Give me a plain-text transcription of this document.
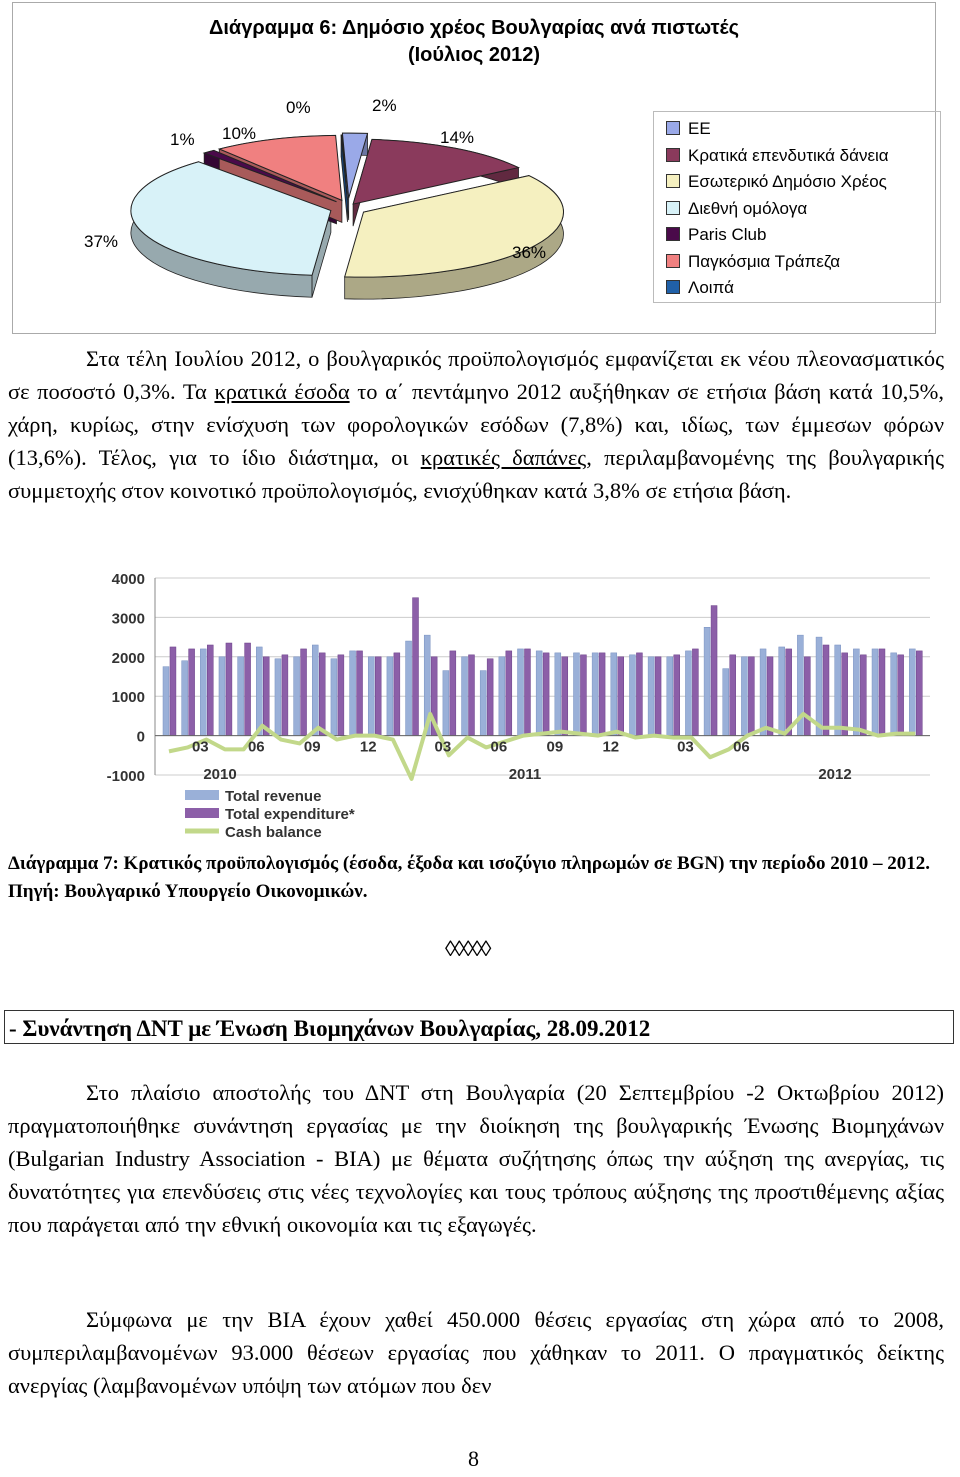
Διάγραμμα 6: Δημόσιο χρέος Βουλγαρίας ανά πιστωτές
(Ιούλιος 2012)
ΕΕ
Κρατικά επενδυτικά δάνεια
Εσωτερικό Δημόσιο Χρέος
Διεθνή ομόλογα
Paris Club
Παγκόσμια Τράπεζα
Λοιπά
2%
14%
36%
37%
1% 10%
0%
Στα τέλη Ιουλίου 2012, ο βουλγαρικός προϋπολογισμός εμφανίζεται εκ νέου πλεονασματικός σε ποσοστό 0,3%. Τα κρατικά έσοδα το α΄ πεντάμηνο 2012 αυξήθηκαν σε ετήσια βάση κατά 10,5%, χάρη, κυρίως, στην ενίσχυση των φορολογικών εσόδων (7,8%) και, ιδίως, των έμμεσων φόρων (13,6%). Τέλος, για το ίδιο διάστημα, οι κρατικές δαπάνες, περιλαμβανομένης της βουλγαρικής συμμετοχής στον κοινοτικό προϋπολογισμός, ενισχύθηκαν κατά 3,8% σε ετήσια βάση.
4000
3000
2000
1000
0
-1000
03	06	09	12	03	06	09	12	03	06
2010	2011	2012
Total revenue
Total expenditure*
Cash balance
Διάγραμμα 7: Κρατικός προϋπολογισμός (έσοδα, έξοδα και ισοζύγιο πληρωμών σε BGN) την περίοδο 2010 – 2012. Πηγή: Βουλγαρικό Υπουργείο Οικονομικών.
◊◊◊◊◊
- Συνάντηση ΔΝΤ με Ένωση Βιομηχάνων Βουλγαρίας, 28.09.2012
Στο πλαίσιο αποστολής του ΔΝΤ στη Βουλγαρία (20 Σεπτεμβρίου -2 Οκτωβρίου 2012) πραγματοποιήθηκε συνάντηση εργασίας με την διοίκηση της βουλγαρικής Ένωσης Βιομηχάνων (Bulgarian Industry Association - BIA) με θέματα συζήτησης όπως την αύξηση της ανεργίας, τις δυνατότητες για επενδύσεις στις νέες τεχνολογίες και τους τρόπους αύξησης της προστιθέμενης αξίας που παράγεται από την εθνική οικονομία και τις εξαγωγές.
Σύμφωνα με την BIA έχουν χαθεί 450.000 θέσεις εργασίας στη χώρα από το 2008, συμπεριλαμβανομένων 93.000 θέσεων εργασίας που χάθηκαν το 2011. Ο πραγματικός δείκτης ανεργίας (λαμβανομένων υπόψη των ατόμων που δεν
8
